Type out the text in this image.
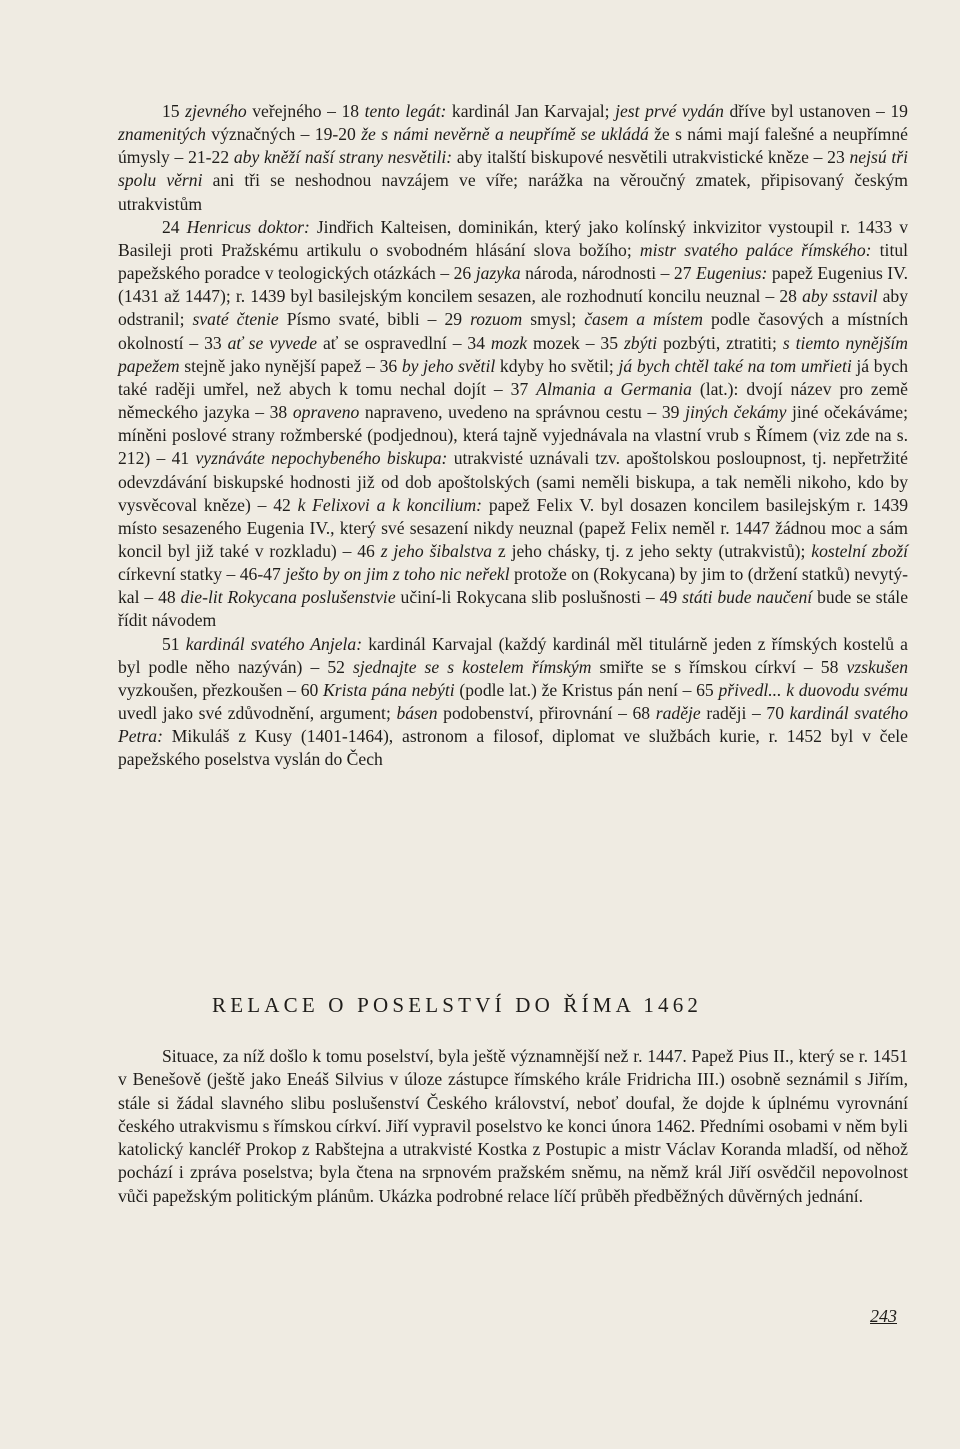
15 zjevného veřejného – 18 tento legát: kardinál Jan Karvajal; jest prvé vydán dříve byl ustanoven – 19 znamenitých význačných – 19-20 že s námi nevěrně a neupřímě se ukládá že s námi mají falešné a neupřímné úmysly – 21-22 aby kněží naší strany nesvětili: aby italští biskupové nesvětili utrakvistické kněze – 23 nejsú tři spolu věrni ani tři se neshodnou navzájem ve víře; narážka na věroučný zmatek, připisovaný českým utrakvistům

24 Henricus doktor: Jindřich Kalteisen, dominikán, který jako kolínský inkvizitor vystoupil r. 1433 v Basileji proti Pražskému artikulu o svobodném hlásání slova božího; mistr svatého paláce římského: titul papežského poradce v teologických otázkách – 26 jazyka národa, národnosti – 27 Eugenius: papež Eugenius IV. (1431 až 1447); r. 1439 byl basilejským koncilem sesazen, ale rozhodnutí koncilu neuznal – 28 aby sstavil aby odstranil; svaté čtenie Písmo svaté, bibli – 29 rozuom smysl; časem a místem podle časových a místních okolností – 33 ať se vyvede ať se ospravedlní – 34 mozk mozek – 35 zbýti pozbýti, ztratiti; s tiemto nynějším papežem stejně jako nynější papež – 36 by jeho světil kdyby ho světil; já bych chtěl také na tom umřieti já bych také raději umřel, než abych k tomu nechal dojít – 37 Almania a Germania (lat.): dvojí název pro země německého jazyka – 38 opraveno napraveno, uvedeno na správnou cestu – 39 jiných čekámy jiné očekáváme; míněni poslové strany rožmberské (podjednou), která tajně vyjednávala na vlastní vrub s Římem (viz zde na s. 212) – 41 vyznáváte nepochybeného biskupa: utrakvisté uznávali tzv. apoštolskou posloupnost, tj. nepřetržité odevzdávání biskupské hodnosti již od dob apoštolských (sami neměli biskupa, a tak neměli nikoho, kdo by vysvěcoval kněze) – 42 k Felixovi a k koncilium: papež Felix V. byl dosazen koncilem basilejským r. 1439 místo sesazeného Eugenia IV., který své sesazení nikdy neuznal (papež Felix neměl r. 1447 žádnou moc a sám koncil byl již také v rozkladu) – 46 z jeho šibalstva z jeho chásky, tj. z jeho sekty (utrakvistů); kostelní zboží církevní statky – 46-47 ješto by on jim z toho nic neřekl protože on (Rokycana) by jim to (držení statků) nevytýkal – 48 die-lit Rokycana poslušenstvie učiní-li Rokycana slib poslušnosti – 49 státi bude naučení bude se stále řídit návodem

51 kardinál svatého Anjela: kardinál Karvajal (každý kardinál měl titulárně jeden z římských kostelů a byl podle něho nazýván) – 52 sjednajte se s kostelem římským smiřte se s římskou církví – 58 vzskušen vyzkoušen, přezkoušen – 60 Krista pána nebýti (podle lat.) že Kristus pán není – 65 přivedl... k duovodu svému uvedl jako své zdůvodnění, argument; básen podobenství, přirovnání – 68 raděje raději – 70 kardinál svatého Petra: Mikuláš z Kusy (1401-1464), astronom a filosof, diplomat ve službách kurie, r. 1452 byl v čele papežského poselstva vyslán do Čech

RELACE O POSELSTVÍ DO ŘÍMA 1462
Situace, za níž došlo k tomu poselství, byla ještě významnější než r. 1447. Papež Pius II., který se r. 1451 v Benešově (ještě jako Eneáš Silvius v úloze zástupce římského krále Fridricha III.) osobně seznámil s Jiřím, stále si žádal slavného slibu poslušenství Českého království, neboť doufal, že dojde k úplnému vyrovnání českého utrakvismu s římskou církví. Jiří vypravil poselstvo ke konci února 1462. Předními osobami v něm byli katolický kancléř Prokop z Rabštejna a utrakvisté Kostka z Postupic a mistr Václav Koranda mladší, od něhož pochází i zpráva poselstva; byla čtena na srpnovém pražském sněmu, na němž král Jiří osvědčil nepovolnost vůči papežským politickým plánům. Ukázka podrobné relace líčí průběh předběžných důvěrných jednání.
243
